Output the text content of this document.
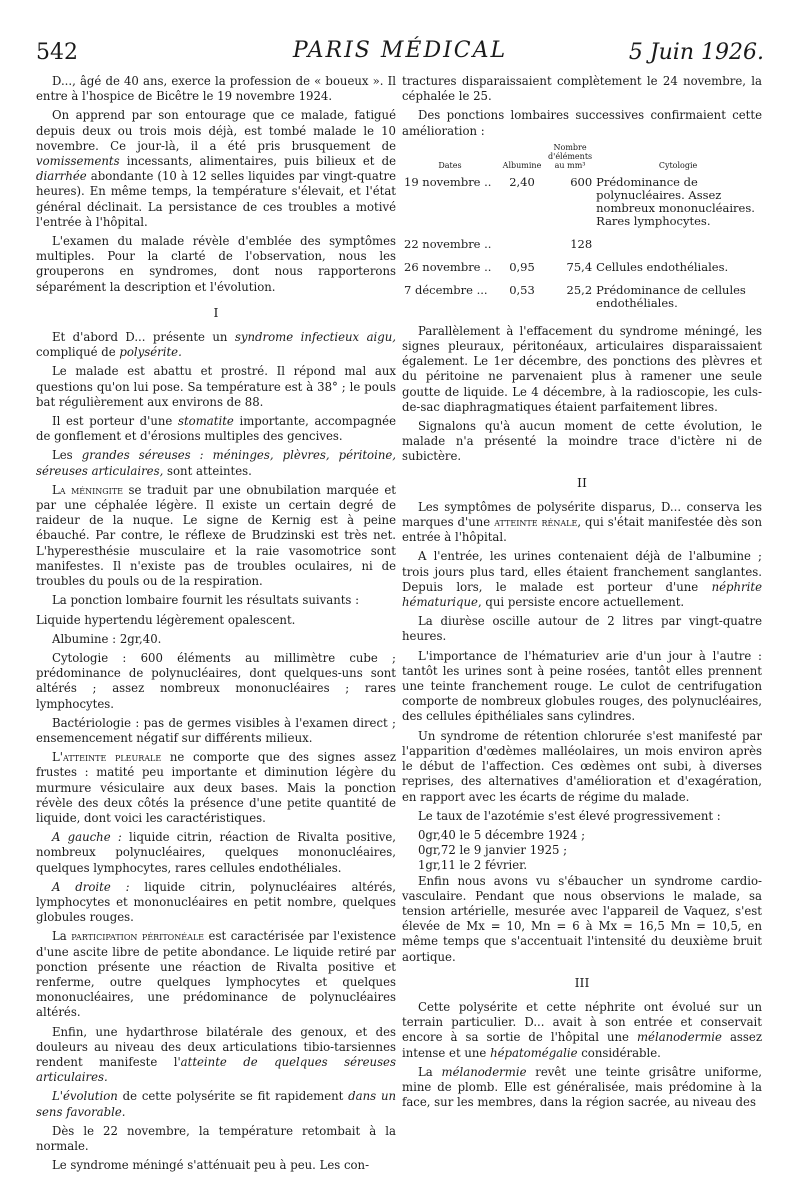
542	PARIS MÉDICAL	5 Juin 1926.

D..., âgé de 40 ans, exerce la profession de « boueux ». Il entre à l'hospice de Bicêtre le 19 novembre 1924.

On apprend par son entourage que ce malade, fatigué depuis deux ou trois mois déjà, est tombé malade le 10 novembre. Ce jour-là, il a été pris brusquement de vomissements incessants, alimentaires, puis bilieux et de diarrhée abondante (10 à 12 selles liquides par vingt-quatre heures). En même temps, la température s'élevait, et l'état général déclinait. La persistance de ces troubles a motivé l'entrée à l'hôpital.

L'examen du malade révèle d'emblée des symptômes multiples. Pour la clarté de l'observation, nous les grouperons en syndromes, dont nous rapporterons séparément la description et l'évolution.

I

Et d'abord D... présente un syndrome infectieux aigu, compliqué de polysérite.

Le malade est abattu et prostré. Il répond mal aux questions qu'on lui pose. Sa température est à 38° ; le pouls bat régulièrement aux environs de 88.

Il est porteur d'une stomatite importante, accompagnée de gonflement et d'érosions multiples des gencives.

Les grandes séreuses : méninges, plèvres, péritoine, séreuses articulaires, sont atteintes.

La méningite se traduit par une obnubilation marquée et par une céphalée légère. Il existe un certain degré de raideur de la nuque. Le signe de Kernig est à peine ébauché. Par contre, le réflexe de Brudzinski est très net. L'hyperesthésie musculaire et la raie vasomotrice sont manifestes. Il n'existe pas de troubles oculaires, ni de troubles du pouls ou de la respiration.

La ponction lombaire fournit les résultats suivants :

Liquide hypertendu légèrement opalescent.

Albumine : 2gr,40.

Cytologie : 600 éléments au millimètre cube ; prédominance de polynucléaires, dont quelques-uns sont altérés ; assez nombreux mononucléaires ; rares lymphocytes.

Bactériologie : pas de germes visibles à l'examen direct ; ensemencement négatif sur différents milieux.

L'atteinte pleurale ne comporte que des signes assez frustes : matité peu importante et diminution légère du murmure vésiculaire aux deux bases. Mais la ponction révèle des deux côtés la présence d'une petite quantité de liquide, dont voici les caractéristiques.

A gauche : liquide citrin, réaction de Rivalta positive, nombreux polynucléaires, quelques mononucléaires, quelques lymphocytes, rares cellules endothéliales.

A droite : liquide citrin, polynucléaires altérés, lymphocytes et mononucléaires en petit nombre, quelques globules rouges.

La participation péritonéale est caractérisée par l'existence d'une ascite libre de petite abondance. Le liquide retiré par ponction présente une réaction de Rivalta positive et renferme, outre quelques lymphocytes et quelques mononucléaires, une prédominance de polynucléaires altérés.

Enfin, une hydarthrose bilatérale des genoux, et des douleurs au niveau des deux articulations tibio-tarsiennes rendent manifeste l'atteinte de quelques séreuses articulaires.

L'évolution de cette polysérite se fit rapidement dans un sens favorable.

Dès le 22 novembre, la température retombait à la normale.

Le syndrome méningé s'atténuait peu à peu. Les con-

tractures disparaissaient complètement le 24 novembre, la céphalée le 25.

Des ponctions lombaires successives confirmaient cette amélioration :

Dates	Albumine	Nombre d'éléments au mm³	Cytologie
19 novembre ..	2,40	600	Prédominance de polynucléaires. Assez nombreux mononucléaires. Rares lymphocytes.
22 novembre ..		128	
26 novembre ..	0,95	75,4	Cellules endothéliales.
7 décembre ...	0,53	25,2	Prédominance de cellules endothéliales.

Parallèlement à l'effacement du syndrome méningé, les signes pleuraux, péritonéaux, articulaires disparaissaient également. Le 1er décembre, des ponctions des plèvres et du péritoine ne parvenaient plus à ramener une seule goutte de liquide. Le 4 décembre, à la radioscopie, les culs-de-sac diaphragmatiques étaient parfaitement libres.

Signalons qu'à aucun moment de cette évolution, le malade n'a présenté la moindre trace d'ictère ni de subictère.

II

Les symptômes de polysérite disparus, D... conserva les marques d'une atteinte rénale, qui s'était manifestée dès son entrée à l'hôpital.

A l'entrée, les urines contenaient déjà de l'albumine ; trois jours plus tard, elles étaient franchement sanglantes. Depuis lors, le malade est porteur d'une néphrite hématurique, qui persiste encore actuellement.

La diurèse oscille autour de 2 litres par vingt-quatre heures.

L'importance de l'hématuriev arie d'un jour à l'autre : tantôt les urines sont à peine rosées, tantôt elles prennent une teinte franchement rouge. Le culot de centrifugation comporte de nombreux globules rouges, des polynucléaires, des cellules épithéliales sans cylindres.

Un syndrome de rétention chlorurée s'est manifesté par l'apparition d'œdèmes malléolaires, un mois environ après le début de l'affection. Ces œdèmes ont subi, à diverses reprises, des alternatives d'amélioration et d'exagération, en rapport avec les écarts de régime du malade.

Le taux de l'azotémie s'est élevé progressivement :

0gr,40 le 5 décembre 1924 ;
0gr,72 le 9 janvier 1925 ;
1gr,11 le 2 février.

Enfin nous avons vu s'ébaucher un syndrome cardio-vasculaire. Pendant que nous observions le malade, sa tension artérielle, mesurée avec l'appareil de Vaquez, s'est élevée de Mx = 10, Mn = 6 à Mx = 16,5 Mn = 10,5, en même temps que s'accentuait l'intensité du deuxième bruit aortique.

III

Cette polysérite et cette néphrite ont évolué sur un terrain particulier. D... avait à son entrée et conservait encore à sa sortie de l'hôpital une mélanodermie assez intense et une hépatomégalie considérable.

La mélanodermie revêt une teinte grisâtre uniforme, mine de plomb. Elle est généralisée, mais prédomine à la face, sur les membres, dans la région sacrée, au niveau des
